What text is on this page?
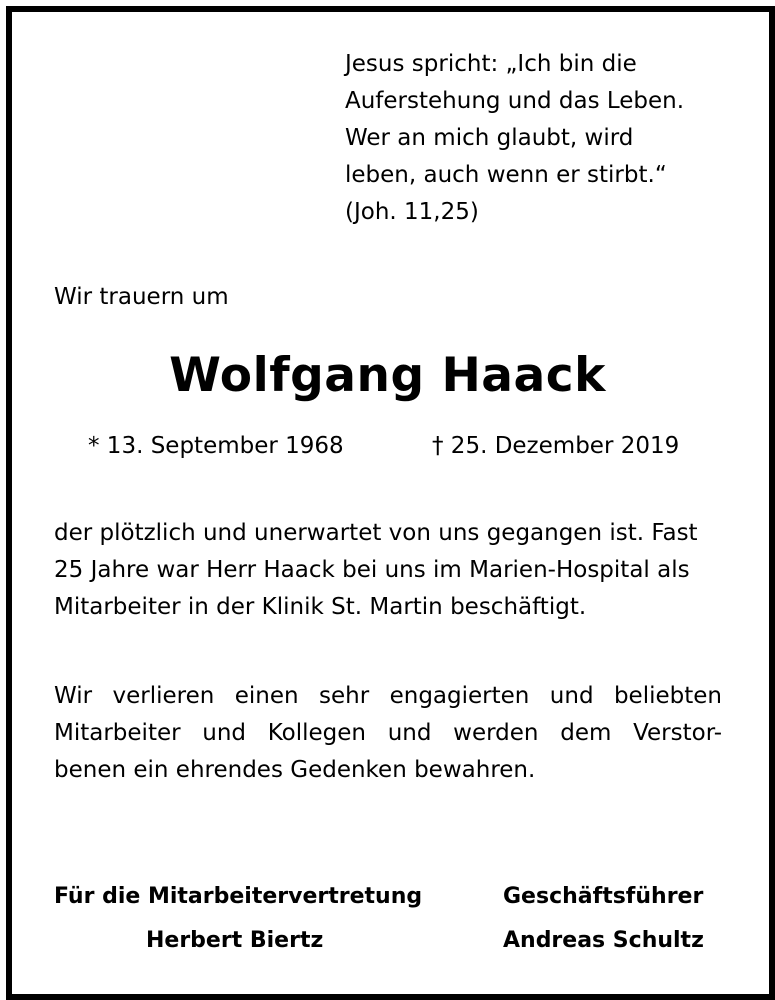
Jesus spricht: „Ich bin die

Auferstehung und das Leben.

Wer an mich glaubt, wird

leben, auch wenn er stirbt.“

(Joh. 11,25)

Wir trauern um

Wolfgang Haack

* 13. September 1968	† 25. Dezember 2019

der plötzlich und unerwartet von uns gegangen ist. Fast

25 Jahre war Herr Haack bei uns im Marien-Hospital als

Mitarbeiter in der Klinik St. Martin beschäftigt.

Wir verlieren einen sehr engagierten und beliebten

Mitarbeiter und Kollegen und werden dem Verstor-

benen ein ehrendes Gedenken bewahren.

Für die Mitarbeitervertretung

Herbert Biertz

Geschäftsführer

Andreas Schultz
